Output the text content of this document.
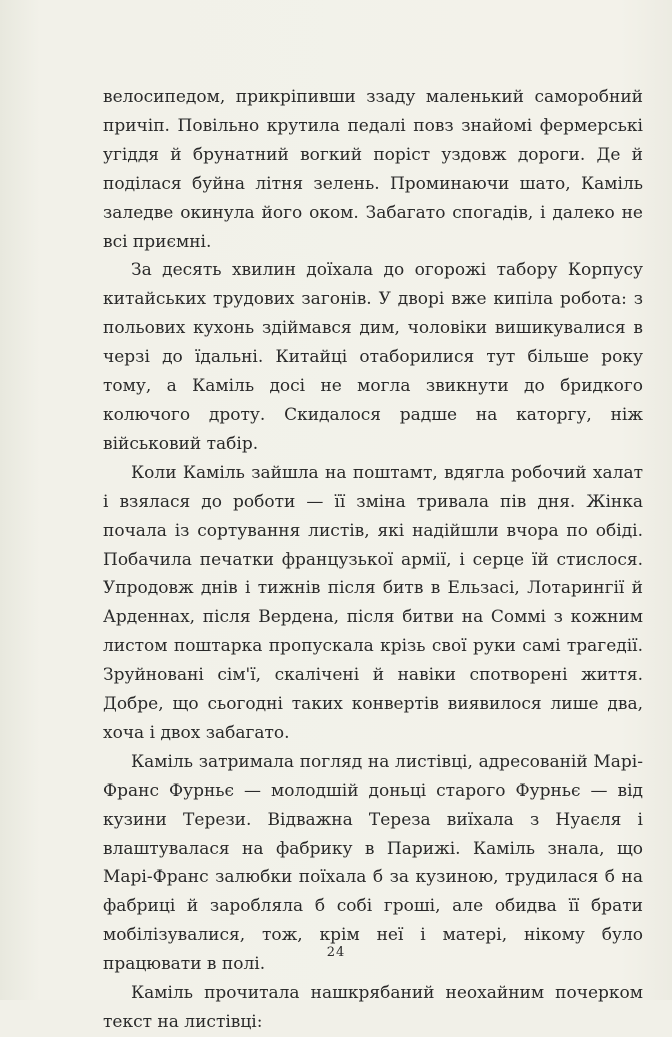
велосипедом, прикріпивши ззаду маленький саморобний причіп. Повільно крутила педалі повз знайомі фермерські угіддя й брунатний вогкий поріст уздовж дороги. Де й поділася буйна літня зелень. Проминаючи шато, Каміль заледве окинула його оком. Забагато спогадів, і далеко не всі приємні.

За десять хвилин доїхала до огорожі табору Корпусу китайських трудових загонів. У дворі вже кипіла робота: з польових кухонь здіймався дим, чоловіки вишикувалися в черзі до їдальні. Китайці отаборилися тут більше року тому, а Каміль досі не могла звикнути до бридкого колючого дроту. Скидалося радше на каторгу, ніж військовий табір.

Коли Каміль зайшла на поштамт, вдягла робочий халат і взялася до роботи — її зміна тривала пів дня. Жінка почала із сортування листів, які надійшли вчора по обіді. Побачила печатки французької армії, і серце їй стислося. Упродовж днів і тижнів після битв в Ельзасі, Лотарингії й Арденнах, після Вердена, після битви на Соммі з кожним листом поштарка пропускала крізь свої руки самі трагедії. Зруйновані сім'ї, скалічені й навіки спотворені життя. Добре, що сьогодні таких конвертів виявилося лише два, хоча і двох забагато.

Каміль затримала погляд на листівці, адресованій Марі-Франс Фурньє — молодшій доньці старого Фурньє — від кузини Терези. Відважна Тереза виїхала з Нуаєля і влаштувалася на фабрику в Парижі. Каміль знала, що Марі-Франс залюбки поїхала б за кузиною, трудилася б на фабриці й заробляла б собі гроші, але обидва її брати мобілізувалися, тож, крім неї і матері, нікому було працювати в полі.

Каміль прочитала нашкрябаний неохайним почерком текст на листівці:

24
